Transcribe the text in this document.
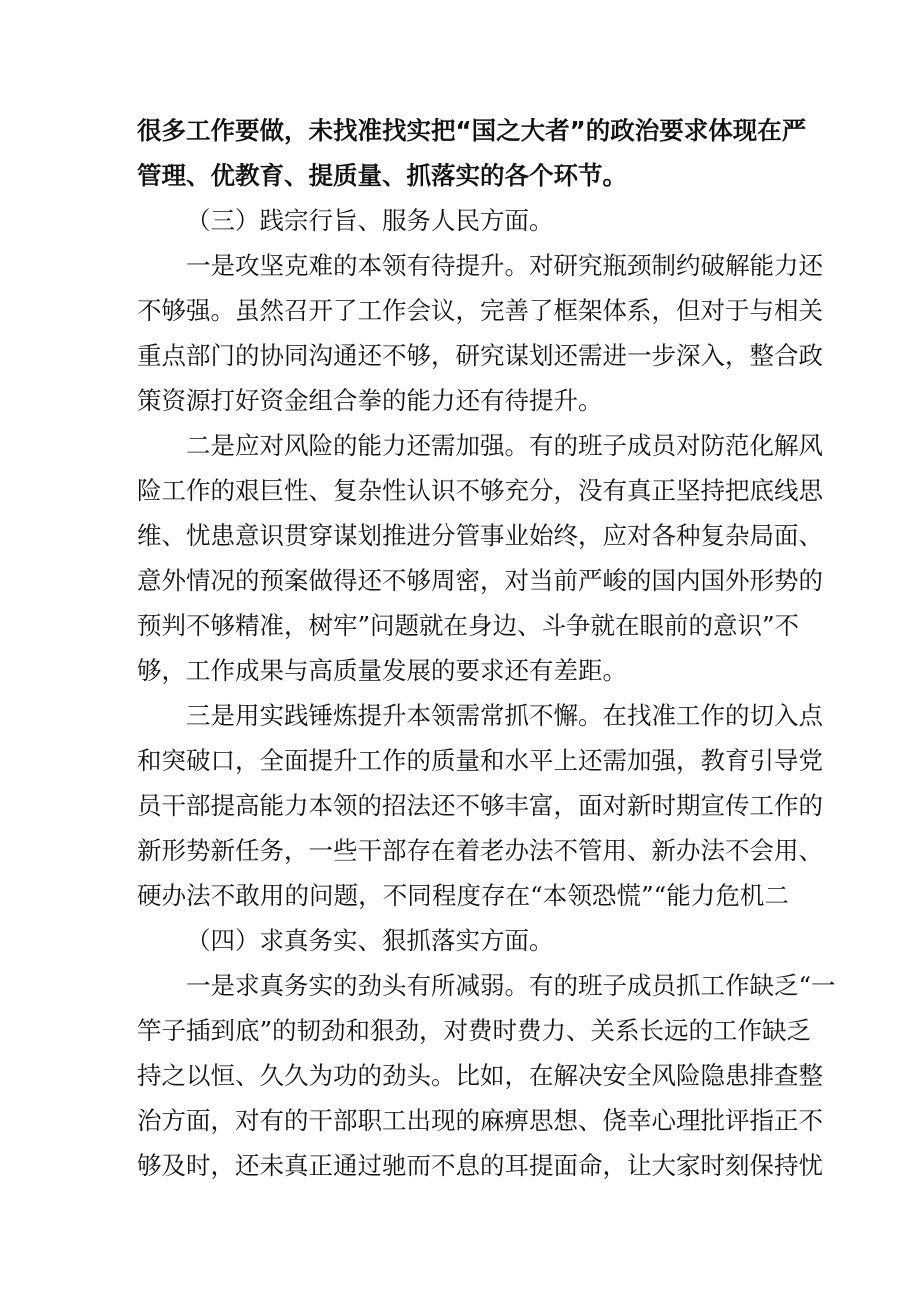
很多工作要做，未找准找实把“国之大者”的政治要求体现在严
管理、优教育、提质量、抓落实的各个环节。
（三）践宗行旨、服务人民方面。
一是攻坚克难的本领有待提升。对研究瓶颈制约破解能力还
不够强。虽然召开了工作会议，完善了框架体系，但对于与相关
重点部门的协同沟通还不够，研究谋划还需进一步深入，整合政
策资源打好资金组合拳的能力还有待提升。
二是应对风险的能力还需加强。有的班子成员对防范化解风
险工作的艰巨性、复杂性认识不够充分，没有真正坚持把底线思
维、忧患意识贯穿谋划推进分管事业始终，应对各种复杂局面、
意外情况的预案做得还不够周密，对当前严峻的国内国外形势的
预判不够精准，树牢”问题就在身边、斗争就在眼前的意识”不
够，工作成果与高质量发展的要求还有差距。
三是用实践锤炼提升本领需常抓不懈。在找准工作的切入点
和突破口，全面提升工作的质量和水平上还需加强，教育引导党
员干部提高能力本领的招法还不够丰富，面对新时期宣传工作的
新形势新任务，一些干部存在着老办法不管用、新办法不会用、
硬办法不敢用的问题，不同程度存在“本领恐慌”“能力危机二
（四）求真务实、狠抓落实方面。
一是求真务实的劲头有所减弱。有的班子成员抓工作缺乏“一
竿子插到底”的韧劲和狠劲，对费时费力、关系长远的工作缺乏
持之以恒、久久为功的劲头。比如，在解决安全风险隐患排查整
治方面，对有的干部职工出现的麻痹思想、侥幸心理批评指正不
够及时，还未真正通过驰而不息的耳提面命，让大家时刻保持忧
